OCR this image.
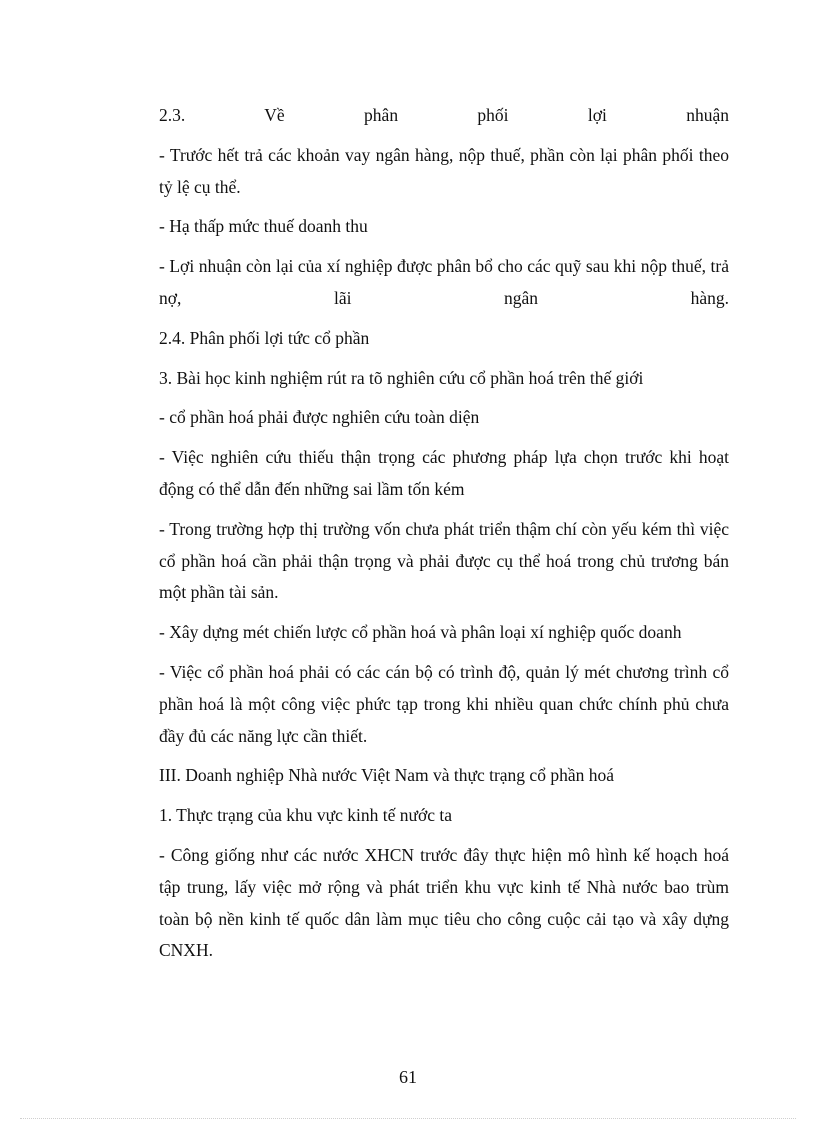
2.3. Về phân phối lợi nhuận

- Trước hết trả các khoản vay ngân hàng, nộp thuế, phần còn lại phân phối theo tỷ lệ cụ thể.

- Hạ thấp mức thuế doanh thu

- Lợi nhuận còn lại của xí nghiệp được phân bổ cho các quỹ sau khi nộp thuế, trả nợ, lãi ngân hàng.

2.4. Phân phối lợi tức cổ phần

3. Bài học kinh nghiệm rút ra tõ nghiên cứu cổ phần hoá trên thế giới

- cổ phần hoá phải được nghiên cứu toàn diện

- Việc nghiên cứu thiếu thận trọng các phương pháp lựa chọn trước khi hoạt động có thể dẫn đến những sai lầm tốn kém

- Trong trường hợp thị trường vốn chưa phát triển thậm chí còn yếu kém thì việc cổ phần hoá cần phải thận trọng và phải được cụ thể hoá trong chủ trương bán một phần tài sản.

- Xây dựng mét chiến lược cổ phần hoá và phân loại xí nghiệp quốc doanh

- Việc cổ phần hoá phải có các cán bộ có trình độ, quản lý mét chương trình cổ phần hoá là một công việc phức tạp trong khi nhiều quan chức chính phủ chưa đầy đủ các năng lực cần thiết.

III. Doanh nghiệp Nhà nước Việt Nam và thực trạng cổ phần hoá

1. Thực trạng của khu vực kinh tế nước ta

- Công giống như các nước XHCN trước đây thực hiện mô hình kế hoạch hoá tập trung, lấy việc mở rộng và phát triển khu vực kinh tế Nhà nước bao trùm toàn bộ nền kinh tế quốc dân làm mục tiêu cho công cuộc cải tạo và xây dựng CNXH.

61
